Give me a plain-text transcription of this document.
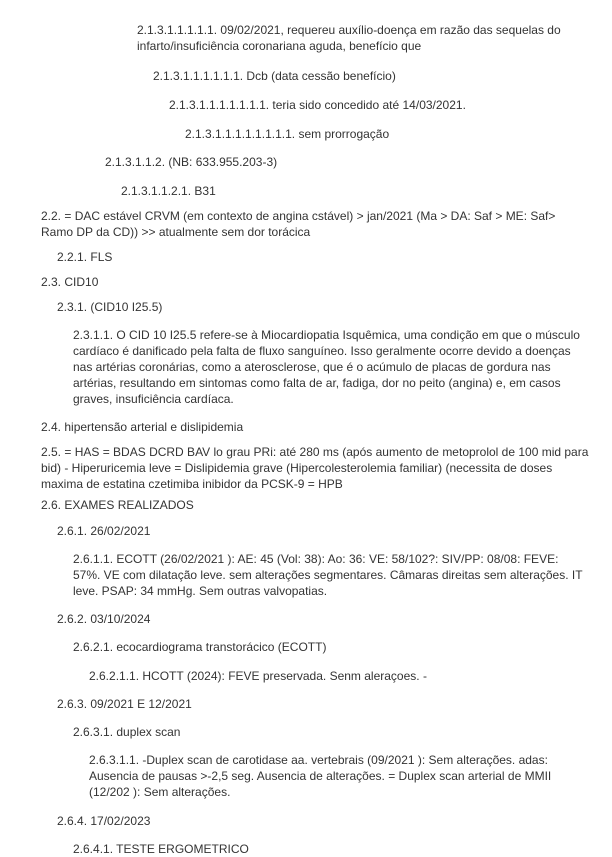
2.1.3.1.1.1.1.1. 09/02/2021, requereu auxílio-doença em razão das sequelas do infarto/insuficiência coronariana aguda, benefício que

2.1.3.1.1.1.1.1.1. Dcb (data cessão benefício)

2.1.3.1.1.1.1.1.1.1. teria sido concedido até 14/03/2021.

2.1.3.1.1.1.1.1.1.1.1. sem prorrogação

2.1.3.1.1.2. (NB: 633.955.203-3)

2.1.3.1.1.2.1. B31

2.2. = DAC estável CRVM (em contexto de angina cstável) > jan/2021 (Ma > DA: Saf > ME: Saf> Ramo DP da CD)) >> atualmente sem dor torácica

2.2.1. FLS

2.3. CID10

2.3.1. (CID10 I25.5)

2.3.1.1. O CID 10 I25.5 refere-se à Miocardiopatia Isquêmica, uma condição em que o músculo cardíaco é danificado pela falta de fluxo sanguíneo. Isso geralmente ocorre devido a doenças nas artérias coronárias, como a aterosclerose, que é o acúmulo de placas de gordura nas artérias, resultando em sintomas como falta de ar, fadiga, dor no peito (angina) e, em casos graves, insuficiência cardíaca.

2.4. hipertensão arterial e dislipidemia

2.5. = HAS = BDAS DCRD BAV lo grau PRi: até 280 ms (após aumento de metoprolol de 100 mid para bid) - Hiperuricemia leve = Dislipidemia grave (Hipercolesterolemia familiar) (necessita de doses maxima de estatina czetimiba inibidor da PCSK-9 = HPB

2.6. EXAMES REALIZADOS

2.6.1. 26/02/2021

2.6.1.1. ECOTT (26/02/2021 ): AE: 45 (Vol: 38): Ao: 36: VE: 58/102?: SIV/PP: 08/08: FEVE: 57%. VE com dilatação leve. sem alterações segmentares. Câmaras direitas sem alterações. IT leve. PSAP: 34 mmHg. Sem outras valvopatias.

2.6.2. 03/10/2024

2.6.2.1. ecocardiograma transtorácico (ECOTT)

2.6.2.1.1. HCOTT (2024): FEVE preservada. Senm aleraçoes. -

2.6.3. 09/2021 E 12/2021

2.6.3.1. duplex scan

2.6.3.1.1. -Duplex scan de carotidase aa. vertebrais (09/2021 ): Sem alterações. adas: Ausencia de pausas >-2,5 seg. Ausencia de alterações. = Duplex scan arterial de MMII (12/202 ): Sem alterações.

2.6.4. 17/02/2023

2.6.4.1. TESTE ERGOMETRICO
